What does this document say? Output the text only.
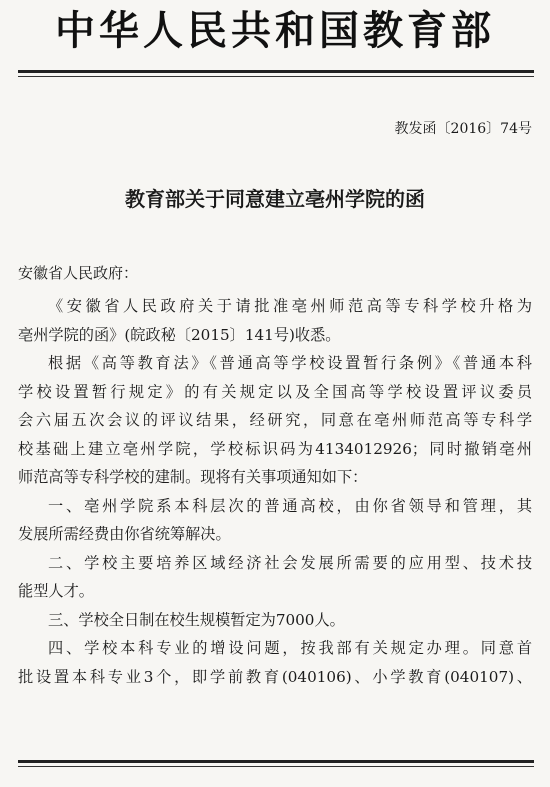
中华人民共和国教育部
教发函〔2016〕74号
教育部关于同意建立亳州学院的函
安徽省人民政府：
《安徽省人民政府关于请批准亳州师范高等专科学校升格为
亳州学院的函》(皖政秘〔2015〕141号)收悉。
根据《高等教育法》《普通高等学校设置暂行条例》《普通本科
学校设置暂行规定》的有关规定以及全国高等学校设置评议委员
会六届五次会议的评议结果，经研究，同意在亳州师范高等专科学
校基础上建立亳州学院，学校标识码为4134012926；同时撤销亳州
师范高等专科学校的建制。现将有关事项通知如下：
一、亳州学院系本科层次的普通高校，由你省领导和管理，其
发展所需经费由你省统筹解决。
二、学校主要培养区域经济社会发展所需要的应用型、技术技
能型人才。
三、学校全日制在校生规模暂定为7000人。
四、学校本科专业的增设问题，按我部有关规定办理。同意首
批设置本科专业3个，即学前教育(040106)、小学教育(040107)、
